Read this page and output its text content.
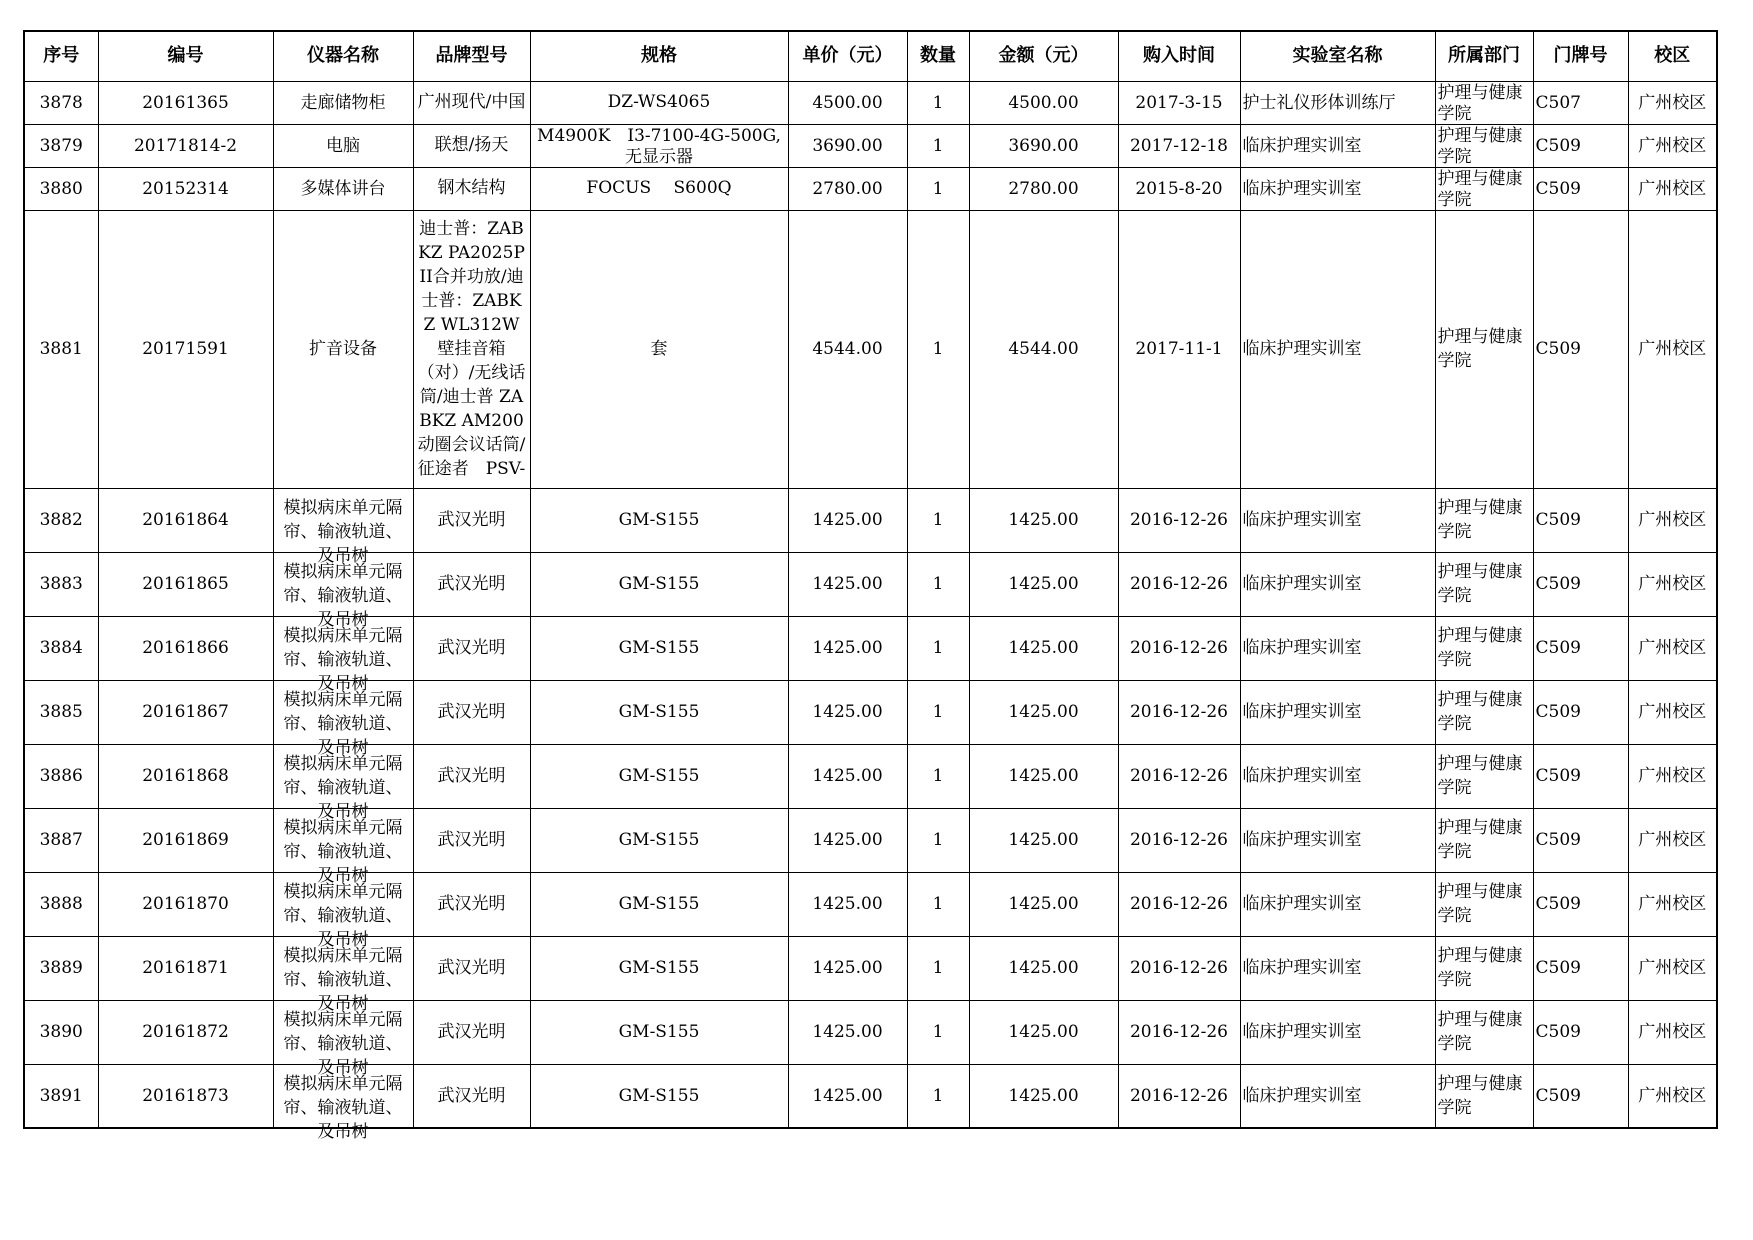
序号	编号	仪器名称	品牌型号	规格	单价（元）	数量	金额（元）	购入时间	实验室名称	所属部门	门牌号	校区

3878	20161365	走廊储物柜	广州现代/中国	DZ-WS4065	4500.00	1	4500.00	2017-3-15	护士礼仪形体训练厅	护理与健康学院	C507	广州校区

3879	20171814-2	电脑	联想/扬天	M4900K　I3-7100-4G-500G,无显示器	3690.00	1	3690.00	2017-12-18	临床护理实训室	护理与健康学院	C509	广州校区

3880	20152314	多媒体讲台	钢木结构	FOCUS　 S600Q	2780.00	1	2780.00	2015-8-20	临床护理实训室	护理与健康学院	C509	广州校区

3881	20171591	扩音设备	迪士普：ZABKZ PA2025PII合并功放/迪士普：ZABKZ WL312W壁挂音箱（对）/无线话筒/迪士普 ZABKZ AM200动圈会议话筒/征途者　PSV-	套	4544.00	1	4544.00	2017-11-1	临床护理实训室	护理与健康学院	C509	广州校区

3882	20161864	模拟病床单元隔帘、输液轨道、及吊树	武汉光明	GM-S155	1425.00	1	1425.00	2016-12-26	临床护理实训室	护理与健康学院	C509	广州校区

3883	20161865	模拟病床单元隔帘、输液轨道、及吊树	武汉光明	GM-S155	1425.00	1	1425.00	2016-12-26	临床护理实训室	护理与健康学院	C509	广州校区

3884	20161866	模拟病床单元隔帘、输液轨道、及吊树	武汉光明	GM-S155	1425.00	1	1425.00	2016-12-26	临床护理实训室	护理与健康学院	C509	广州校区

3885	20161867	模拟病床单元隔帘、输液轨道、及吊树	武汉光明	GM-S155	1425.00	1	1425.00	2016-12-26	临床护理实训室	护理与健康学院	C509	广州校区

3886	20161868	模拟病床单元隔帘、输液轨道、及吊树	武汉光明	GM-S155	1425.00	1	1425.00	2016-12-26	临床护理实训室	护理与健康学院	C509	广州校区

3887	20161869	模拟病床单元隔帘、输液轨道、及吊树	武汉光明	GM-S155	1425.00	1	1425.00	2016-12-26	临床护理实训室	护理与健康学院	C509	广州校区

3888	20161870	模拟病床单元隔帘、输液轨道、及吊树	武汉光明	GM-S155	1425.00	1	1425.00	2016-12-26	临床护理实训室	护理与健康学院	C509	广州校区

3889	20161871	模拟病床单元隔帘、输液轨道、及吊树	武汉光明	GM-S155	1425.00	1	1425.00	2016-12-26	临床护理实训室	护理与健康学院	C509	广州校区

3890	20161872	模拟病床单元隔帘、输液轨道、及吊树	武汉光明	GM-S155	1425.00	1	1425.00	2016-12-26	临床护理实训室	护理与健康学院	C509	广州校区

3891	20161873	模拟病床单元隔帘、输液轨道、及吊树	武汉光明	GM-S155	1425.00	1	1425.00	2016-12-26	临床护理实训室	护理与健康学院	C509	广州校区
